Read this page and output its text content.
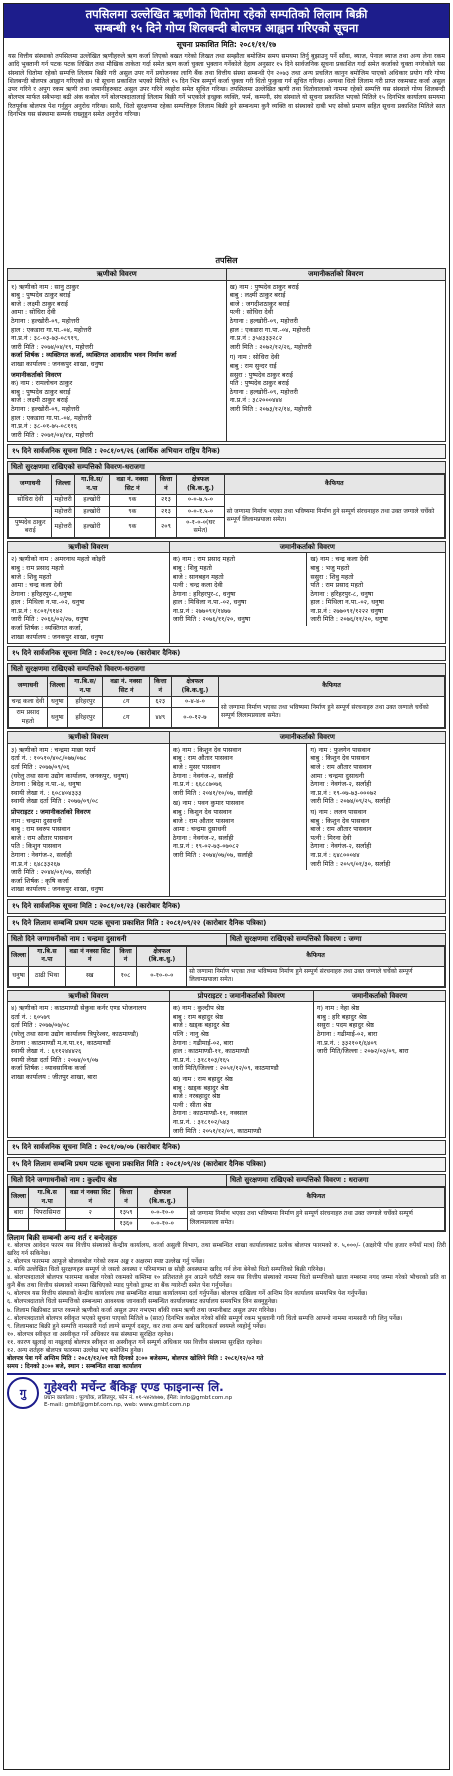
तपसिलमा उल्लेखित ऋणीको धितोमा रहेको सम्पतिको लिलाम बिक्री
सम्बन्धी १५ दिने गोप्य शिलबन्दी बोलपत्र आह्वान गरिएको सूचना
सूचना प्रकाशित मिति: २०८१/११/१७
यस वित्तीय संस्थाको तपसिलमा उल्लेखित ऋणीहरुले ऋण कर्जा लिएको बखत गरेको लिखत तथा सम्झौता बमोजिम समय समयमा तिर्नु बुझाउनु पर्ने साँवा, ब्याज, पेनाल ब्याज तथा अन्य लेना रकम आदि भुक्तानी गर्न पटक पटक लिखित तथा मौखिक ताकेता गर्दा समेत ऋण कर्जा चुक्ता भुक्तान गर्नेकोले देहाय अनुसार १५ दिने सार्वजनिक सूचना प्रकाशित गर्दा समेत कर्जाको चुक्ता नगरेकोले यस संस्थाले धितोमा रहेको सम्पत्ति लिलाम बिक्री गरी असुल उपर गर्ने प्रयोजनका लागि बैंक तथा वित्तीय संस्था सम्बन्धी ऐन २०७३ तथा अन्य प्रचलित कानुन बमोजिम पाएको अधिकार प्रयोग गरि गोप्य शिलबन्दी बोलपत्र आह्वान गरिएको छ। यो सूचना प्रकाशित भएको मितिले १५ दिन भित्र सम्पूर्ण कर्जा चुक्ता गरी धितो फुकुवा गर्न सूचित गरिन्छ। अन्यथा धितो लिलाम गरी प्राप्त रकमबाट कर्जा असुल उपर गरिने र अपुग रकम ऋणी तथा जमानीहरुबाट असुल उपर गरिने व्यहोरा समेत सूचित गरिन्छ। तपसिलमा उल्लेखित ऋणी तथा धितोवालाको नाममा रहेको सम्पत्ति यस संस्थाले गोप्य शिलबन्दी बोलपत्र मार्फत सबैभन्दा बढी अंक कबोल गर्ने बोलपत्रदातालाई लिलाम बिक्री गर्ने भएकोले इच्छुक व्यक्ति, फर्म, कम्पनी, संघ संस्थाले यो सूचना प्रकाशित भएको मितिले १५ दिनभित्र कार्यालय समयमा रितपूर्वक बोलपत्र पेश गर्नुहुन अनुरोध गरिन्छ। साथै, धितो सुरक्षणमा रहेका सम्पत्तिहरु लिलाम बिक्री हुने सम्बन्धमा कुनै व्यक्ति वा संस्थाको दाबी भए सोको प्रमाण सहित सूचना प्रकाशित मितिले सात दिनभित्र यस संस्थामा सम्पर्क राख्नुहुन समेत अनुरोध गरिन्छ।
तपसिल
ऋणीको विवरण
१) ऋणीको नाम : सानु ठाकुर
बाबु : पुष्पदेव ठाकुर बराई
बाजे : लक्ष्मी ठाकुर बराई
आमा : सोधिरा देवी
ठेगाना : हल्खोरी-०९, महोत्तरी
हाल : एकडारा गा.पा.-०४, महोत्तरी
ना.प्र.नं : ३८-०३-७३-०८९१९,
जारी मिति : २०७४/०४/१९, महोत्तरी
कर्जा शिर्षक : व्यक्तिगत कर्जा, व्यक्तिगत आवासीय भवन निर्माण कर्जा
शाखा कार्यालय : जनकपुर शाखा, धनुषा
जमानीकर्ताको विवरण
क) नाम : रामलोचन ठाकुर
बाबु : पुष्पदेव ठाकुर बराई
बाजे : लक्ष्मी ठाकुर बराई
ठेगाना : हल्खोरी-०९, महोत्तरी
हाल : एकडारा गा.पा.-०४, महोत्तरी
ना.प्र.नं : ३८-०१-७५-०८११६
जारी मिति : २०७१/०४/१४, महोत्तरी
जमानीकर्ताको विवरण
ख) नाम : पुष्पदेव ठाकुर बराई
बाबु : लक्ष्मी ठाकुर बराई
बाजे : जगदीशठाकुर बराई
पत्नी : सोधिरा देवी
ठेगाना : हल्खोरी-०९, महोत्तरी
हाल : एकडारा गा.पा.-०४, महोत्तरी
ना.प्र.नं : ३५४३३३२८२
जारी मिति : २०७२/१२/२६, महोत्तरी
ग) नाम : सोधिरा देवी
बाबु : राम सुन्दर राई
ससुरा : पुष्पदेव ठाकुर बराई
पति : पुष्पदेव ठाकुर बराई
ठेगाना : हल्खोरी-०९, महोत्तरी
ना.प्र.नं : ३८२०००४४४
जारी मिति : २०७३/१२/१४, महोत्तरी
१५ दिने सार्वजनिक सूचना मिति : २०८१/०९/२६ (आर्थिक अभियान राष्ट्रिय दैनिक)
धितो सुरक्षणमा राखिएको सम्पत्तिको विवरण-धराजगा
जग्गाधनी	जिल्ला	गा.वि.स/न.पा	वडा नं. नक्सा सिट नं	कित्ता नं	क्षेत्रफल (बि.क.धु.)	कैफियत
सोधिरा देवी	महोत्तरी	हल्खोरी	९क	२१३	०-०-७.५-०	सो जग्गामा निर्माण भएका तथा भविष्यमा निर्माण हुने सम्पूर्ण संरचनाहरु तथा उक्त जग्गाले चर्चेको सम्पूर्ण लिलामप्रयाला समेत।
	महोत्तरी	हल्खोरी	९क	२१३	०-०-१.५-०	
पुष्पदेव ठाकुर बराई	महोत्तरी	हल्खोरी	९क	२०९	०-१-०-०(घर समेत)	
ऋणीको विवरण
२) ऋणीको नाम : अमरनाथ महतो कोइरी
बाबु : राम प्रसाद महतो
बाजे : शिवु महतो
आमा : चन्द्र कला देवी
ठेगाना : हरिहरपुर-८,धनुषा
हाल : मिथिला न.पा.-०२, धनुषा
ना.प्र.नं : १८०१/९१४२
जारी मिति : २०६६/०२/२७, धनुषा
कर्जा शिर्षक : व्यक्तिगत कर्जा,
शाखा कार्यालय : जनकपुर शाखा, धनुषा
जमानीकर्ताको विवरण
क) नाम : राम प्रसाद महतो
बाबु : शिवु महतो
बाजे : सानबहन महतो
पत्नी : चन्द्र कला देवी
ठेगाना : हरिहरपुर-८, धनुषा
हाल : मिथिला न.पा.-०२, धनुषा
ना.प्र.नं : २७७०९१/१४७७
जारी मिति : २०७६/११/२०, धनुषा
ख) नाम : चन्द्र कला देवी
बाबु : भजु महतो
ससुरा : शिवु महतो
पति : राम प्रसाद महतो
ठेगाना : हरिहरपुर-८, धनुषा
हाल : मिथिला न.पा.-०२, धनुषा
ना.प्र.नं : २७७०९१/१२२२ धनुषा
जारी मिति : २०७६/११/२०, धनुषा
१५ दिने सार्वजनिक सूचना मिति : २०८१/१०/०७ (कारोबार दैनिक)
धितो सुरक्षणमा राखिएको सम्पत्तिको विवरण-धराजगा
जग्गाधनी	जिल्ला	गा.बि.स/न.पा	वडा नं. नक्सा सिट नं	कित्ता नं	क्षेत्रफल (बि.क.धु.)	कैफियत
चन्द्र कला देवी	धनुषा	हरिहरपुर	८ग	६२३	०-४-४-०	सो जग्गामा निर्माण भएका तथा भविष्यमा निर्माण हुने सम्पूर्ण संरचनाहरु तथा उक्त जग्गाले चर्चेको सम्पूर्ण लिलामप्रयाला समेत।
राम प्रसाद महतो	धनुषा	हरिहरपुर	८ग	४४९	०-०-१२-७	
ऋणीको विवरण
३) ऋणीको नाम : चन्द्रमा माछा फार्म
दर्ता नं. : १०५१०/४०८/०७७/०७८
दर्ता मिति : २०७७/०९/०६
(घरेलु तथा साना उद्योग कार्यालय, जनकपुर, धनुषा)
ठेगाना : बिदेह न.पा.-४, धनुषा
स्थायी लेखा नं. : ६०८४०४३३३
स्थायी लेखा दर्ता मिति : २०७७/०९/०८
प्रोपराइटर : जमानीकर्ताको विवरण
नाम : चन्द्रमा दुसाधनी
बाबु : राम स्वरुप पासवान
बाजे : राम औतार पासवान
पति : किशुन पासवान
ठेगाना : नेवगंज-२, सर्लाही
ना.प्र.नं : ६४८३३२६७
जारी मिति : २०४४/०१/०७, सर्लाही
कर्जा शिर्षक : कृषि कर्जा
शाखा कार्यालय : जनकपुर शाखा, धनुषा
जमानीकर्ताको विवरण
क) नाम : किशुन देव पासवान
बाबु : राम औतार पासवान
बाजे : मुसर पासवान
ठेगाना : नेवगंज-२, सर्लाही
ना.प्र.नं : ६६८८७०७६
जारी मिति : २०४१/१०/०७, सर्लाही
ख) नाम : पवन कुमार पासवान
बाबु : किशुन देव पासवान
बाजे : राम औतार पासवान
आमा : चन्द्रमा दुसाधनी
ठेगाना : नेवगंज-२, सर्लाही
ना.प्र.नं : १९-०२-७३-०७०८२
जारी मिति : २०७४/०७/०७, सर्लाही
ग) नाम : फुलगेन पासवान
बाबु : किशुन देव पासवान
बाजे : राम औतार पासवान
आमा : चन्द्रमा दुसाधनी
ठेगाना : नेवगंज-२, सर्लाही
ना.प्र.नं : १९-०७-७३-०००७२
जारी मिति : २०७४/०९/२५, सर्लाही
घ) नाम : ललन पासवान
बाबु : किशुन देव पासवान
बाजे : राम औतार पासवान
पत्नी : मिरना देवी
ठेगाना : नेवगंज-२, सर्लाही
ना.प्र.नं : ६४८०००४४
जारी मिति : २०५९/०१/३०, सर्लाही
१५ दिने सार्वजनिक सूचना मिति : २०८१/०१/२३ (कारोबार दैनिक)
१५ दिने लिलाम सम्बन्धि प्रथम पटक सूचना प्रकाशित मिति : २०८१/०९/२२ (कारोबार दैनिक पत्रिका)
धितो दिने जग्गाधनीको नाम : चन्द्रमा दुसाधनी	धितो सुरक्षणमा राखिएको सम्पत्तिको विवरण : जग्गा
जिल्ला	गा.बि.स न.पा	वडा नं नक्सा सिट नं	कित्ता नं	क्षेत्रफल (बि.क.धु.)	कैफियत
धनुषा	ठाढी भिथा	स्ख	१०८	०-१०-०-०	सो जग्गामा निर्माण भएका तथा भविष्यमा निर्माण हुने सम्पूर्ण संरचनाहरु तथा उक्त जग्गाले चर्चेको सम्पूर्ण लिलामप्रयाला समेत।
ऋणीको विवरण
४) ऋणीको नाम : काठमाण्डौ सेकुवा कर्नर एण्ड भोजनालय
दर्ता नं. : ६०५७९
दर्ता मिति : २०७७/०७/०८
(घरेलु तथा साना उद्योग कार्यालय त्रिपुरेश्वर, काठमाण्डौ)
ठेगाना : काठमाण्डौं म.न.पा.११, काठमाण्डौं
स्थायी लेखा नं. : ६११२४४४२६
स्थायी लेखा दर्ता मिति : २०७४/०९/०७
कर्जा शिर्षक : व्यावसायिक कर्जा
शाखा कार्यालय : जीतपुर शाखा, बारा
प्रोपराइटर : जमानीकर्ताको विवरण
क) नाम : कुल्दीप श्रेष्ठ
बाबु : राम बहादुर श्रेष्ठ
बाजे : खड्क बहादुर श्रेष्ठ
पत्नि : नानु श्रेष्ठ
ठेगाना : गढीमाई-०२, बारा
हाल : काठमाण्डौ-११, काठमाण्डौ
ना.प्र.नं. : ३१८१०३/१६५
जारी मिति/जिल्ला : २०५१/१२/०९, काठमाण्डौ
ख) नाम : राम बहादुर श्रेष्ठ
बाबु : खड्क बहादुर श्रेष्ठ
बाजे : नरबहादुर श्रेष्ठ
पत्नी : सीता श्रेष्ठ
ठेगाना : काठमाण्डौ-११, नक्साल
ना.प्र.नं. : ३१८१०२/५४३
जारी मिति : २०५१/१२/०९, काठमाण्डौ
जमानीकर्ताको विवरण
ग) नाम : नेहा श्रेष्ठ
बाबु : हरि बहादुर श्रेष्ठ
ससुरा : पदम बहादुर श्रेष्ठ
ठेगाना : गढीमाई-०२, बारा
ना.प्र.नं. : ३३२१०१/६४०९
जारी मिति/जिल्ला : २०७२/०३/०९, बारा
१५ दिने सार्वजनिक सूचना मिति : २०८१/०७/०७ (कारोबार दैनिक)
१५ दिने लिलाम सम्बन्धि प्रथम पटक सूचना प्रकाशित मिति : २०८१/०९/२४ (कारोबार दैनिक पत्रिका)
धितो दिने जग्गाधनीको नाम : कुल्दीप श्रेष्ठ	धितो सुरक्षणमा राखिएको सम्पत्तिको विवरण : धराजगा
जिल्ला	गा.बि.स न.पा	वडा नं नक्सा सिट नं	कित्ता नं	क्षेत्रफल (बि.क.धु.)	कैफियत
बारा	पिपरासिमरा	२	१३५९	०-०-१०-०	सो जग्गामा निर्माण भएका तथा भविष्यमा निर्माण हुने सम्पूर्ण संरचनाहरु तथा उक्त जग्गाले चर्चेको सम्पूर्ण लिलामप्रयाला समेत।
			१३६०	०-०-१०-०	
लिलाम बिक्री सम्बन्धी अन्य शर्त र बन्देजहरु
१. बोलपत्र आवेदन फारम यस वित्तीय संस्थाको केन्द्रीय कार्यालय, कर्जा असुली विभाग, तथा सम्बन्धित शाखा कार्यालयबाट प्रत्येक बोलपत्र फारमको रु. ५,०००/- (अक्षरेपी पाँच हजार रुपैयाँ मात्र) तिरी खरिद गर्न सकिनेछ।
२. बोलपत्र फारममा आफूले बोलकबोल गरेको रकम अङ्क र अक्षरमा स्पष्ट उल्लेख गर्नु पर्नेछ।
३. माथि उल्लेखित धितो सुरक्षणहरु सम्पूर्ण जे जस्तो अवस्था र परिमाणमा छ सोही अवस्थामा खरिद गर्न लेना बेनेको धितो सम्पत्तिको बिक्री गरिनेछ।
४. बोलपत्रदाताले बोलपत्र फारममा कबोल गरेको रकमको कम्तिमा १० प्रतिशतले हुन आउने धरौटी रकम यस वित्तीय संस्थाको नाममा धितो सम्पत्तिको खाता नम्बरमा नगद जम्मा गरेको भौचरको प्रति वा कुनै बैंक तथा वित्तीय संस्थाको नाममा खिचिएको म्याद पुगेको ड्राफ्ट वा बैंक ग्यारेन्टी समेत पेश गर्नुपर्नेछ।
५. बोलपत्र यस वित्तीय संस्थाको केन्द्रीय कार्यालय तथा सम्बन्धित शाखा कार्यालयमा दर्ता गर्नुपर्नेछ। बोलपत्र दाखिला गर्ने अन्तिम दिन कार्यालय समयभित्र पेश गर्नुपर्नेछ।
६. बोलपत्रदाताले धितो सम्पत्तिको सम्बन्धमा आवश्यक जानकारी सम्बन्धित कार्यालयबाट कार्यालय समयभित्र लिन सक्नुहुनेछ।
७. लिलाम बिक्रीबाट प्राप्त रकमले ऋणीको कर्जा असुल उपर नभएमा बाँकी रकम ऋणी तथा जमानीबाट असुल उपर गरिनेछ।
८. बोलपत्रदाताले बोलपत्र स्वीकृत भएको सूचना पाएको मितिले ७ (सात) दिनभित्र कबोल गरेको बाँकी सम्पूर्ण रकम भुक्तानी गरी धितो सम्पत्ति आफ्नो नाममा नामसारी गरी लिनु पर्नेछ।
९. लिलामबाट बिक्री हुने सम्पत्ति नामसारी गर्दा लाग्ने सम्पूर्ण दस्तुर, कर तथा अन्य खर्च खरिदकर्ता स्वयम्ले व्यहोर्नु पर्नेछ।
१०. बोलपत्र स्वीकृत वा अस्वीकृत गर्ने अधिकार यस संस्थामा सुरक्षित रहनेछ।
११. कारण खुलाई वा नखुलाई बोलपत्र स्वीकृत वा अस्वीकृत गर्ने सम्पूर्ण अधिकार यस वित्तीय संस्थामा सुरक्षित रहनेछ।
१२. अन्य शर्तहरु बोलपत्र फारममा उल्लेख भए बमोजिम हुनेछ।
बोलपत्र पेश गर्ने अन्तिम मिति : २०८१/१२/०१ गते दिनको ३:०० बजेसम्म, बोलपत्र खोलिने मिति : २०८१/१२/०२ गते
समय : दिनको ३:०० बजे, स्थान : सम्बन्धित शाखा कार्यालय
गु	गुहेश्वरी मर्चेन्ट बैंकिङ्ग एण्ड फाइनान्स लि.
प्रधान कार्यालय : पुल्चोक, ललितपुर, फोन नं. ०१-५४२४७७७, ईमेल: info@gmbf.com.np
E-mail: gmbf@gmbf.com.np, web: www.gmbf.com.np
